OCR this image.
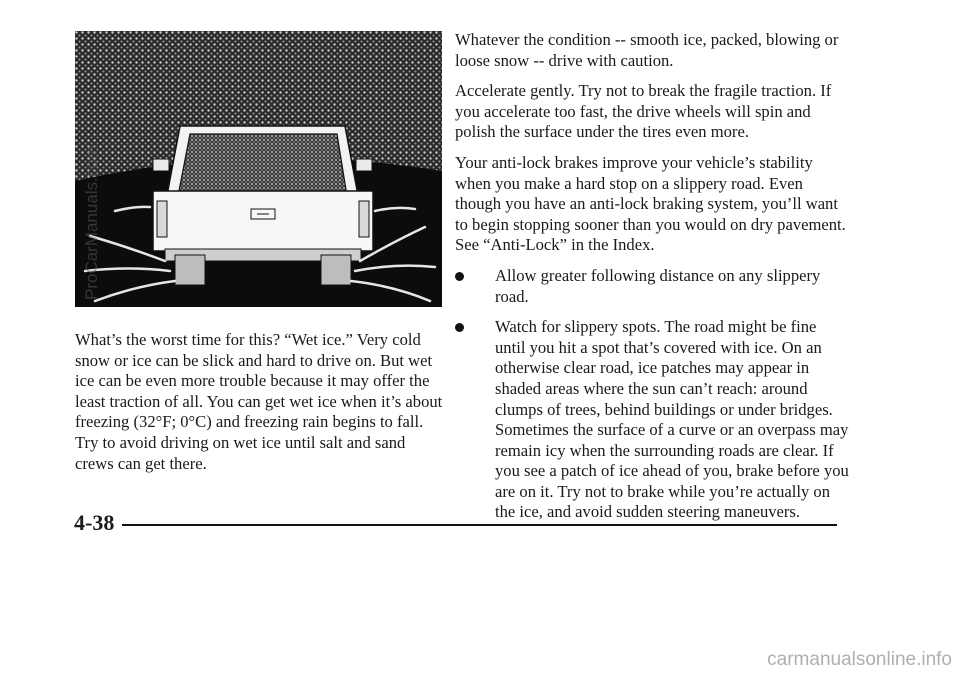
What’s the worst time for this? “Wet ice.” Very cold snow or ice can be slick and hard to drive on. But wet ice can be even more trouble because it may offer the least traction of all. You can get wet ice when it’s about freezing (32°F; 0°C) and freezing rain begins to fall. Try to avoid driving on wet ice until salt and sand crews can get there.

Whatever the condition -- smooth ice, packed, blowing or loose snow -- drive with caution.

Accelerate gently. Try not to break the fragile traction. If you accelerate too fast, the drive wheels will spin and polish the surface under the tires even more.

Your anti-lock brakes improve your vehicle’s stability when you make a hard stop on a slippery road. Even though you have an anti-lock braking system, you’ll want to begin stopping sooner than you would on dry pavement. See “Anti-Lock” in the Index.

Allow greater following distance on any slippery road.
Watch for slippery spots. The road might be fine until you hit a spot that’s covered with ice. On an otherwise clear road, ice patches may appear in shaded areas where the sun can’t reach: around clumps of trees, behind buildings or under bridges. Sometimes the surface of a curve or an overpass may remain icy when the surrounding roads are clear. If you see a patch of ice ahead of you, brake before you are on it. Try not to brake while you’re actually on the ice, and avoid sudden steering maneuvers.
4-38
ProCarManuals.com
carmanualsonline.info
